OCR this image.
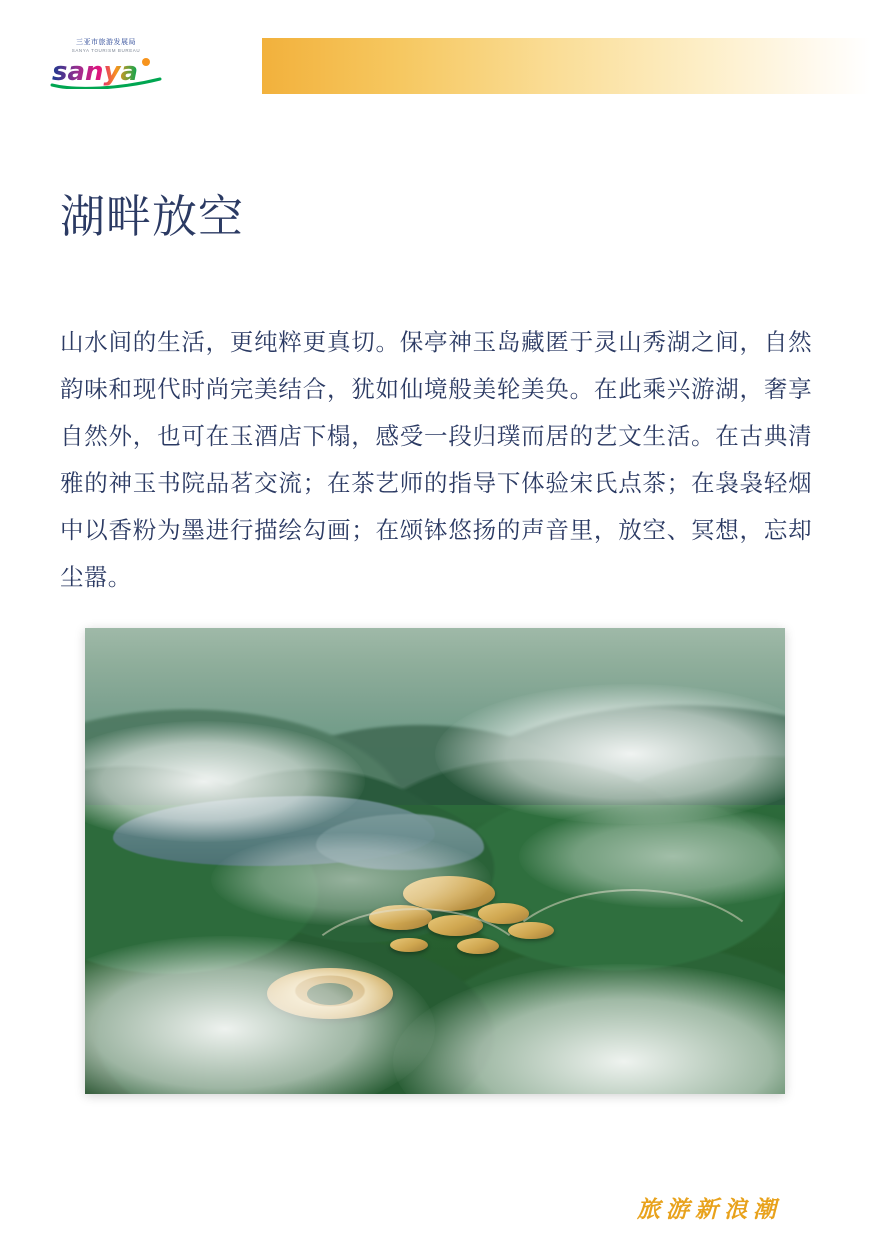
三亚市旅游发展局
SANYA TOURISM BUREAU
sanya
湖畔放空

山水间的生活，更纯粹更真切。保亭神玉岛藏匿于灵山秀湖之间，自然韵味和现代时尚完美结合，犹如仙境般美轮美奂。在此乘兴游湖，奢享自然外，也可在玉酒店下榻，感受一段归璞而居的艺文生活。在古典清雅的神玉书院品茗交流；在茶艺师的指导下体验宋氏点茶；在袅袅轻烟中以香粉为墨进行描绘勾画；在颂钵悠扬的声音里，放空、冥想，忘却尘嚣。

旅游新浪潮
